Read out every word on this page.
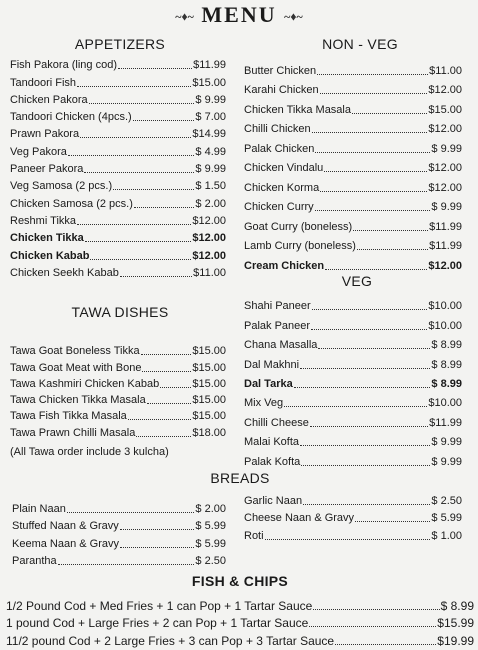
~♦~ MENU ~♦~
APPETIZERS
Fish Pakora (ling cod)	$11.99
Tandoori Fish	$15.00
Chicken Pakora	$ 9.99
Tandoori Chicken (4pcs.)	$ 7.00
Prawn Pakora	$14.99
Veg Pakora	$ 4.99
Paneer Pakora	$ 9.99
Veg Samosa (2 pcs.)	$ 1.50
Chicken Samosa (2 pcs.)	$ 2.00
Reshmi Tikka	$12.00
Chicken Tikka	$12.00
Chicken Kabab	$12.00
Chicken Seekh Kabab	$11.00
NON - VEG
Butter Chicken	$11.00
Karahi Chicken	$12.00
Chicken Tikka Masala	$15.00
Chilli Chicken	$12.00
Palak Chicken	$ 9.99
Chicken Vindalu	$12.00
Chicken Korma	$12.00
Chicken Curry	$ 9.99
Goat Curry (boneless)	$11.99
Lamb Curry (boneless)	$11.99
Cream Chicken	$12.00
VEG
Shahi Paneer	$10.00
Palak Paneer	$10.00
Chana Masalla	$ 8.99
Dal Makhni	$ 8.99
Dal Tarka	$ 8.99
Mix Veg	$10.00
Chilli Cheese	$11.99
Malai Kofta	$ 9.99
Palak Kofta	$ 9.99
TAWA DISHES
Tawa Goat Boneless Tikka	$15.00
Tawa Goat Meat with Bone	$15.00
Tawa Kashmiri Chicken Kabab	$15.00
Tawa Chicken Tikka Masala	$15.00
Tawa Fish Tikka Masala	$15.00
Tawa Prawn Chilli Masala	$18.00
(All Tawa order include 3 kulcha)
BREADS
Plain Naan	$ 2.00
Stuffed Naan & Gravy	$ 5.99
Keema Naan & Gravy	$ 5.99
Parantha	$ 2.50
Garlic Naan	$ 2.50
Cheese Naan & Gravy	$ 5.99
Roti	$ 1.00
FISH & CHIPS
1/2 Pound Cod + Med Fries + 1 can Pop + 1 Tartar Sauce	$ 8.99
1 pound Cod + Large Fries + 2 can Pop + 1 Tartar Sauce	$15.99
11/2 pound Cod + 2 Large Fries + 3 can Pop + 3 Tartar Sauce	$19.99
